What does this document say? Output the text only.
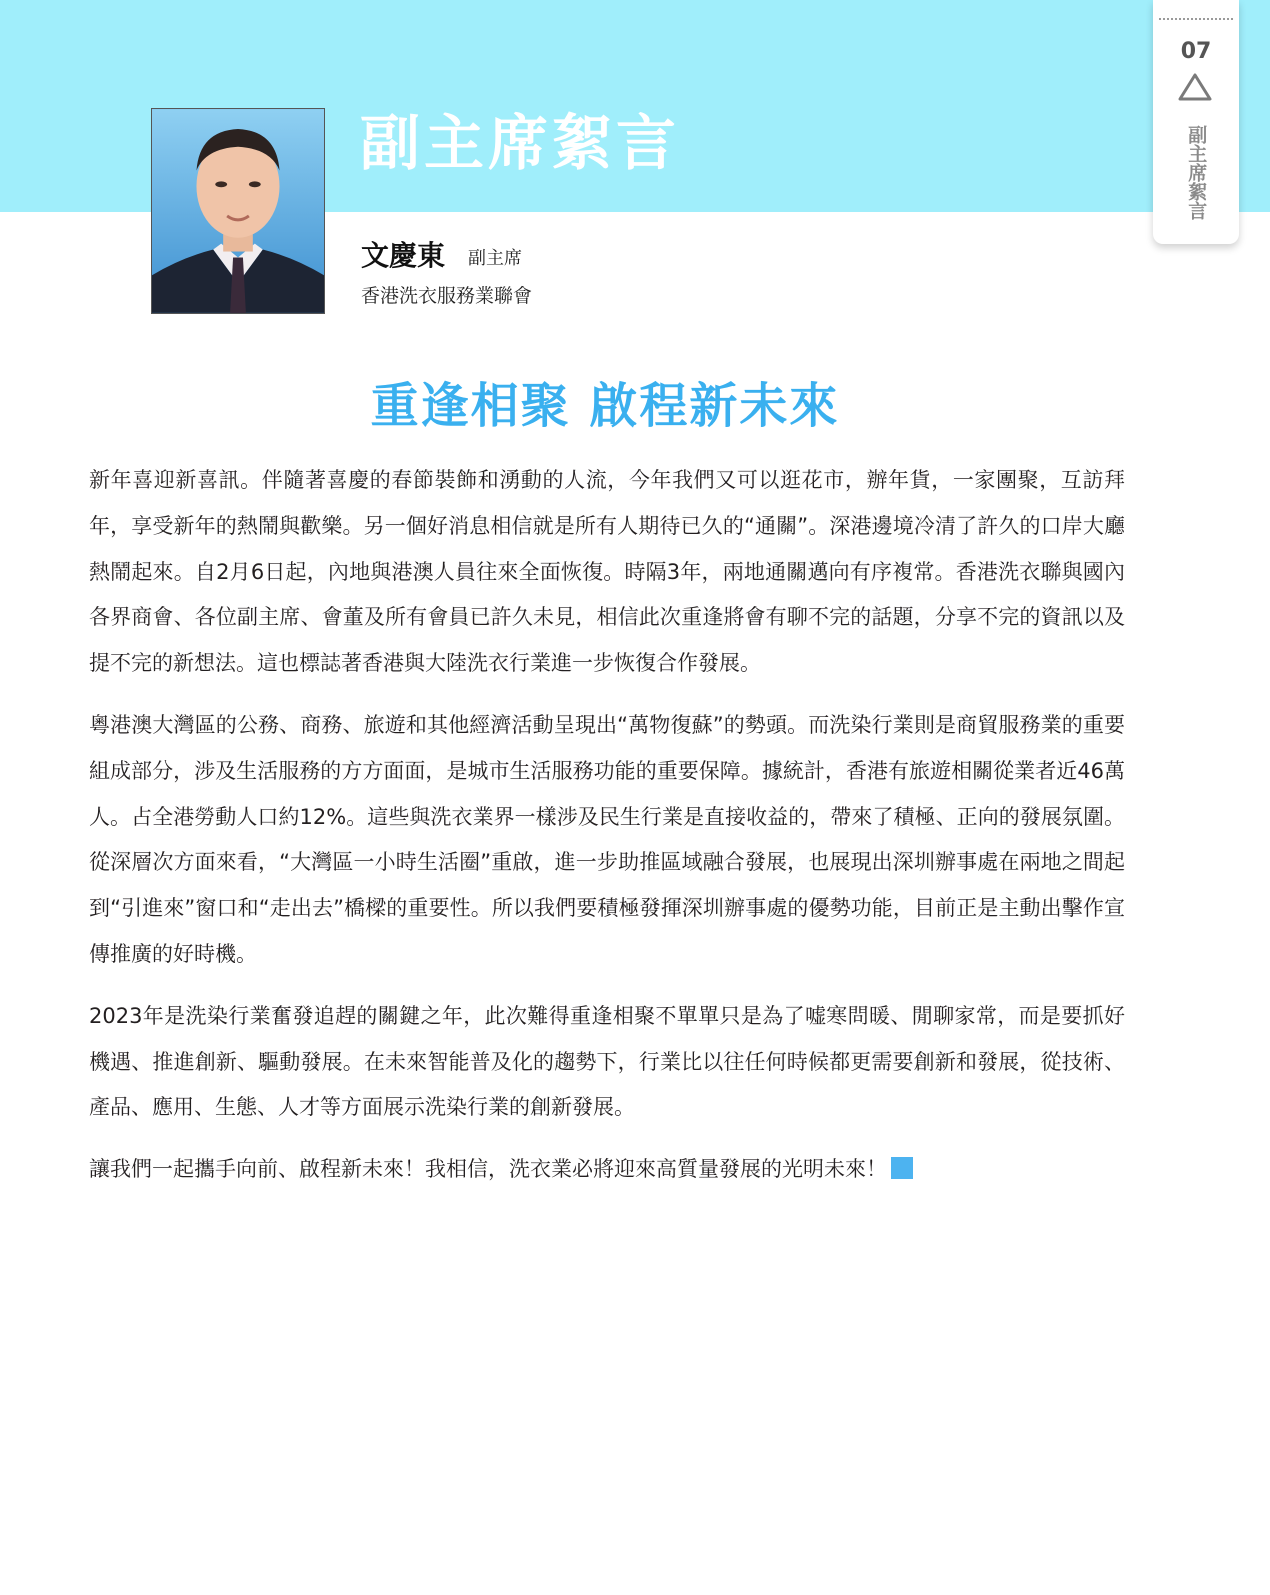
副主席絮言
文慶東 副主席
香港洗衣服務業聯會
07
副主席絮言
重逢相聚 啟程新未來

新年喜迎新喜訊。伴隨著喜慶的春節裝飾和湧動的人流，今年我們又可以逛花市，辦年貨，一家團聚，互訪拜年，享受新年的熱鬧與歡樂。另一個好消息相信就是所有人期待已久的“通關”。深港邊境冷清了許久的口岸大廳熱鬧起來。自2月6日起，內地與港澳人員往來全面恢復。時隔3年，兩地通關邁向有序複常。香港洗衣聯與國內各界商會、各位副主席、會董及所有會員已許久未見，相信此次重逢將會有聊不完的話題，分享不完的資訊以及提不完的新想法。這也標誌著香港與大陸洗衣行業進一步恢復合作發展。

粵港澳大灣區的公務、商務、旅遊和其他經濟活動呈現出“萬物復蘇”的勢頭。而洗染行業則是商貿服務業的重要組成部分，涉及生活服務的方方面面，是城市生活服務功能的重要保障。據統計，香港有旅遊相關從業者近46萬人。占全港勞動人口約12%。這些與洗衣業界一樣涉及民生行業是直接收益的，帶來了積極、正向的發展氛圍。從深層次方面來看，“大灣區一小時生活圈”重啟，進一步助推區域融合發展，也展現出深圳辦事處在兩地之間起到“引進來”窗口和“走出去”橋樑的重要性。所以我們要積極發揮深圳辦事處的優勢功能，目前正是主動出擊作宣傳推廣的好時機。

2023年是洗染行業奮發追趕的關鍵之年，此次難得重逢相聚不單單只是為了嘘寒問暖、閒聊家常，而是要抓好機遇、推進創新、驅動發展。在未來智能普及化的趨勢下，行業比以往任何時候都更需要創新和發展，從技術、產品、應用、生態、人才等方面展示洗染行業的創新發展。

讓我們一起攜手向前、啟程新未來！我相信，洗衣業必將迎來高質量發展的光明未來！
